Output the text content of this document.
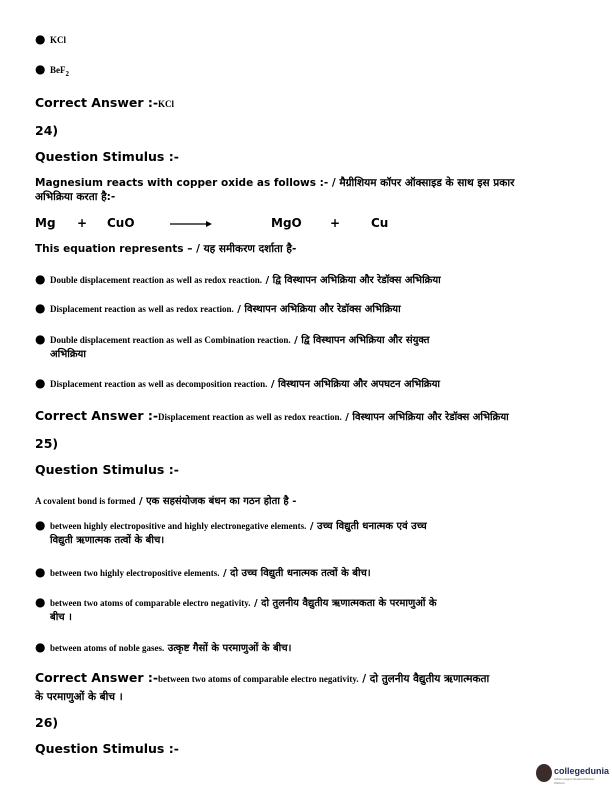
● KCl
● BeF$_2$
Correct Answer :-KCl
24)
Question Stimulus :-
Magnesium reacts with copper oxide as follows :- / मैग्रीशियम कॉपर ऑक्साइड के साथ इस प्रकार
अभिक्रिया करता है:-
Mg + CuO	MgO +	Cu
This equation represents – / यह समीकरण दर्शाता है-
● Double displacement reaction as well as redox reaction. / द्वि विस्थापन अभिक्रिया और रेडॉक्स अभिक्रिया
● Displacement reaction as well as redox reaction. / विस्थापन अभिक्रिया और रेडॉक्स अभिक्रिया
● Double displacement reaction as well as Combination reaction. / द्वि विस्थापन अभिक्रिया और संयुक्त
अभिक्रिया
● Displacement reaction as well as decomposition reaction. / विस्थापन अभिक्रिया और अपघटन अभिक्रिया
Correct Answer :-Displacement reaction as well as redox reaction. / विस्थापन अभिक्रिया और रेडॉक्स अभिक्रिया
25)
Question Stimulus :-
A covalent bond is formed / एक सहसंयोजक बंधन का गठन होता है -
● between highly electropositive and highly electronegative elements. / उच्च विद्युती धनात्मक एवं उच्च
विद्युती ऋणात्मक तत्वों के बीच।
● between two highly electropositive elements. / दो उच्च विद्युती धनात्मक तत्वों के बीच।
● between two atoms of comparable electro negativity. / दो तुलनीय वैद्युतीय ऋणात्मकता के परमाणुओं के
बीच ।
● between atoms of noble gases. उत्कृष्ट गैसों के परमाणुओं के बीच।
Correct Answer :-between two atoms of comparable electro negativity. / दो तुलनीय वैद्युतीय ऋणात्मकता
के परमाणुओं के बीच ।
26)
Question Stimulus :-
collegedunia
India's largest Student Review Platform
